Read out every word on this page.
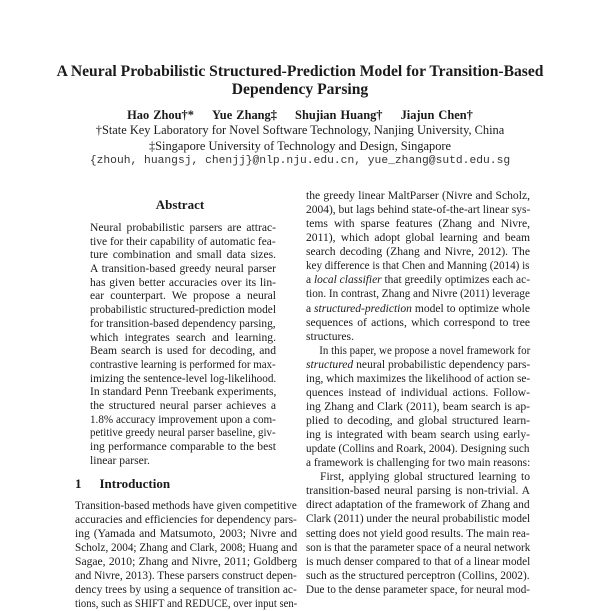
A Neural Probabilistic Structured-Prediction Model for Transition-Based
Dependency Parsing
Hao Zhou†* Yue Zhang‡ Shujian Huang† Jiajun Chen†
†State Key Laboratory for Novel Software Technology, Nanjing University, China
‡Singapore University of Technology and Design, Singapore
{zhouh, huangsj, chenjj}@nlp.nju.edu.cn, yue_zhang@sutd.edu.sg
Abstract
Neural probabilistic parsers are attrac-
tive for their capability of automatic fea-
ture combination and small data sizes.
A transition-based greedy neural parser
has given better accuracies over its lin-
ear counterpart. We propose a neural
probabilistic structured-prediction model
for transition-based dependency parsing,
which integrates search and learning.
Beam search is used for decoding, and
contrastive learning is performed for max-
imizing the sentence-level log-likelihood.
In standard Penn Treebank experiments,
the structured neural parser achieves a
1.8% accuracy improvement upon a com-
petitive greedy neural parser baseline, giv-
ing performance comparable to the best
linear parser.
1 Introduction
Transition-based methods have given competitive
accuracies and efficiencies for dependency pars-
ing (Yamada and Matsumoto, 2003; Nivre and
Scholz, 2004; Zhang and Clark, 2008; Huang and
Sagae, 2010; Zhang and Nivre, 2011; Goldberg
and Nivre, 2013). These parsers construct depen-
dency trees by using a sequence of transition ac-
tions, such as SHIFT and REDUCE, over input sen-
the greedy linear MaltParser (Nivre and Scholz,
2004), but lags behind state-of-the-art linear sys-
tems with sparse features (Zhang and Nivre,
2011), which adopt global learning and beam
search decoding (Zhang and Nivre, 2012). The
key difference is that Chen and Manning (2014) is
a local classifier that greedily optimizes each ac-
tion. In contrast, Zhang and Nivre (2011) leverage
a structured-prediction model to optimize whole
sequences of actions, which correspond to tree
structures.
In this paper, we propose a novel framework for
structured neural probabilistic dependency pars-
ing, which maximizes the likelihood of action se-
quences instead of individual actions. Follow-
ing Zhang and Clark (2011), beam search is ap-
plied to decoding, and global structured learn-
ing is integrated with beam search using early-
update (Collins and Roark, 2004). Designing such
a framework is challenging for two main reasons:
First, applying global structured learning to
transition-based neural parsing is non-trivial. A
direct adaptation of the framework of Zhang and
Clark (2011) under the neural probabilistic model
setting does not yield good results. The main rea-
son is that the parameter space of a neural network
is much denser compared to that of a linear model
such as the structured perceptron (Collins, 2002).
Due to the dense parameter space, for neural mod-
